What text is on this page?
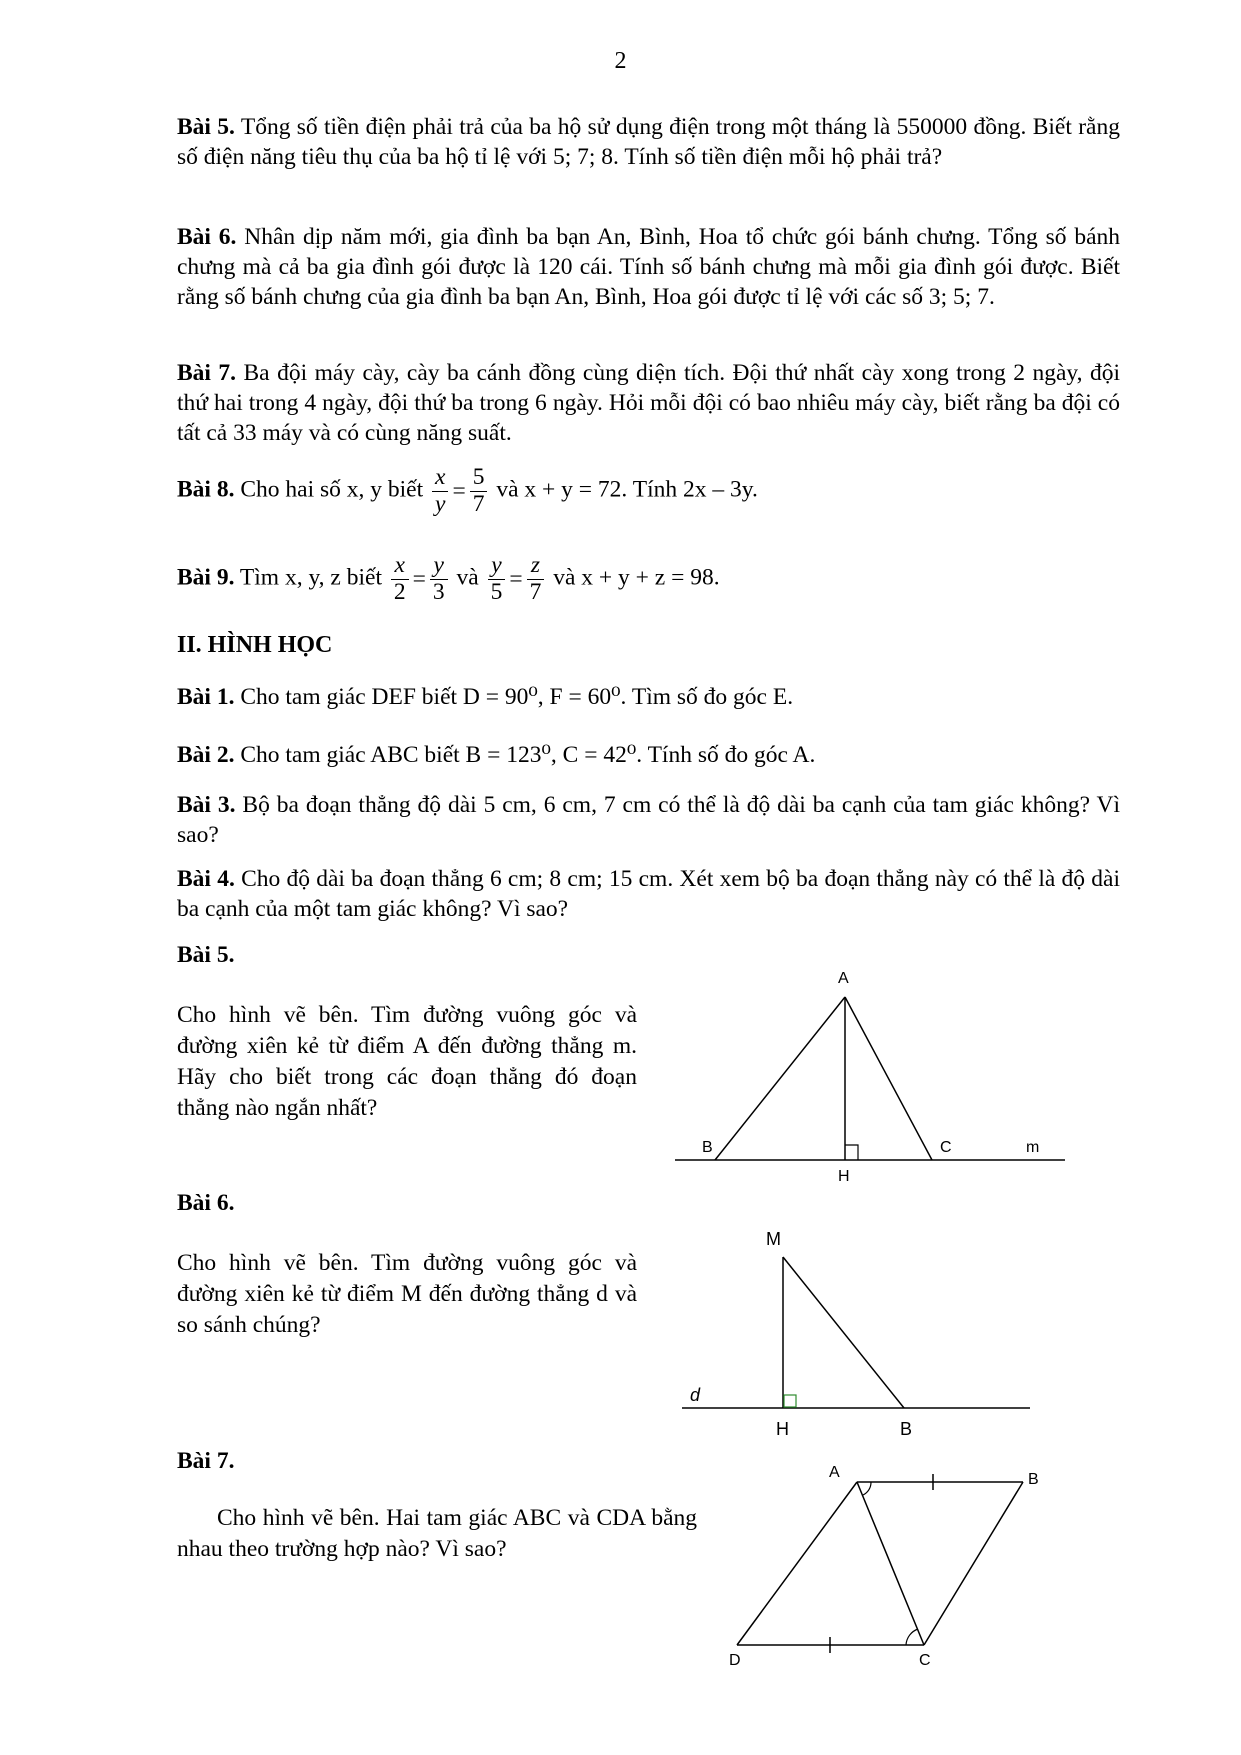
2
Bài 5. Tổng số tiền điện phải trả của ba hộ sử dụng điện trong một tháng là 550000 đồng. Biết rằng số điện năng tiêu thụ của ba hộ tỉ lệ với 5; 7; 8. Tính số tiền điện mỗi hộ phải trả?
Bài 6. Nhân dịp năm mới, gia đình ba bạn An, Bình, Hoa tổ chức gói bánh chưng. Tổng số bánh chưng mà cả ba gia đình gói được là 120 cái. Tính số bánh chưng mà mỗi gia đình gói được. Biết rằng số bánh chưng của gia đình ba bạn An, Bình, Hoa gói được tỉ lệ với các số 3; 5; 7.
Bài 7. Ba đội máy cày, cày ba cánh đồng cùng diện tích. Đội thứ nhất cày xong trong 2 ngày, đội thứ hai trong 4 ngày, đội thứ ba trong 6 ngày. Hỏi mỗi đội có bao nhiêu máy cày, biết rằng ba đội có tất cả 33 máy và có cùng năng suất.
Bài 8. Cho hai số x, y biết $\frac{x}{y} = \frac{5}{7}$ và x + y = 72. Tính 2x – 3y.
Bài 9. Tìm x, y, z biết $\frac{x}{2} = \frac{y}{3}$ và $\frac{y}{5} = \frac{z}{7}$ và x + y + z = 98.
II. HÌNH HỌC
Bài 1. Cho tam giác DEF biết D = 90⁰, F = 60⁰. Tìm số đo góc E.
Bài 2. Cho tam giác ABC biết B = 123⁰, C = 42⁰. Tính số đo góc A.
Bài 3. Bộ ba đoạn thẳng độ dài 5 cm, 6 cm, 7 cm có thể là độ dài ba cạnh của tam giác không? Vì sao?
Bài 4. Cho độ dài ba đoạn thẳng 6 cm; 8 cm; 15 cm. Xét xem bộ ba đoạn thẳng này có thể là độ dài ba cạnh của một tam giác không? Vì sao?
Bài 5.
Cho hình vẽ bên. Tìm đường vuông góc và đường xiên kẻ từ điểm A đến đường thẳng m. Hãy cho biết trong các đoạn thẳng đó đoạn thẳng nào ngắn nhất?
A
B	C
H
m
Bài 6.
Cho hình vẽ bên. Tìm đường vuông góc và đường xiên kẻ từ điểm M đến đường thẳng d và so sánh chúng?
M
d
H	B
Bài 7.
Cho hình vẽ bên. Hai tam giác ABC và CDA bằng nhau theo trường hợp nào? Vì sao?
A	B
C
D
